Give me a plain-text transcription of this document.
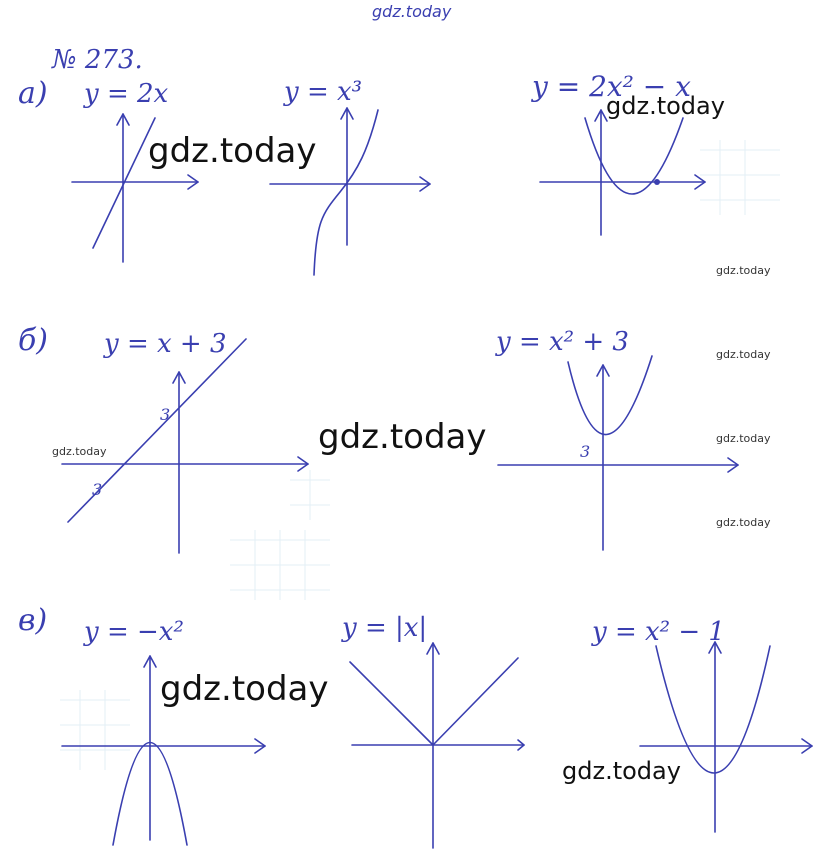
а)
№ 273.
y = 2x	y = x³	y = 2x² − x
б) y = x + 3
3
3
y = x² + 3
3
в) y = −x²	y = |x|	y = x² − 1
gdz.today
gdz.today
gdz.today
gdz.today
gdz.today
gdz.today
gdz.today
gdz.today	gdz.today
gdz.today
gdz.today
